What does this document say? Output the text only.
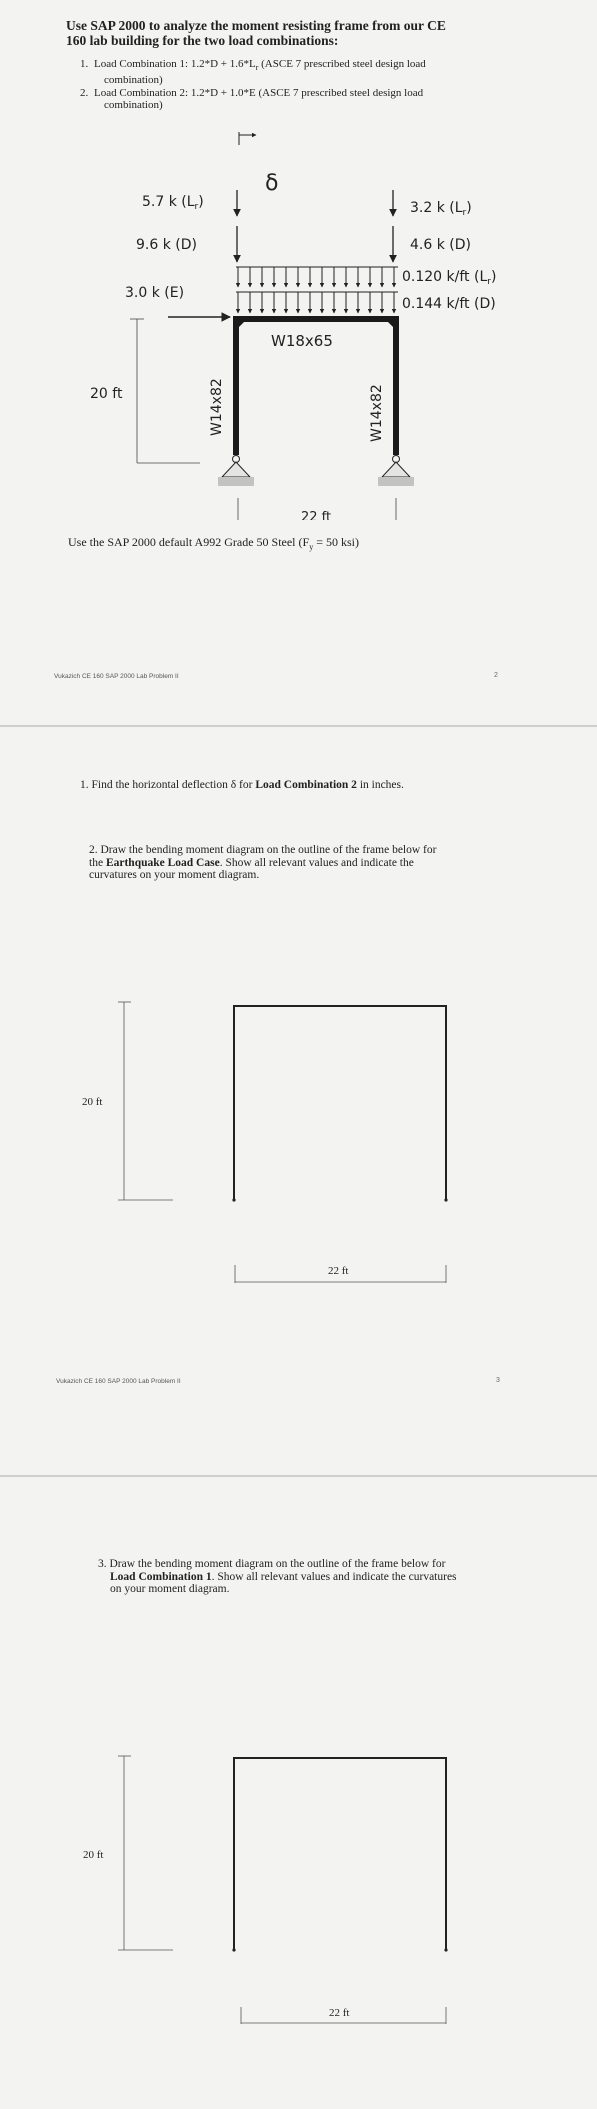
Use SAP 2000 to analyze the moment resisting frame from our CE
160 lab building for the two load combinations:
1. Load Combination 1: $1.2*D + 1.6*L_r$ (ASCE 7 prescribed steel design load
combination)
2. Load Combination 2: 1.2*D + 1.0*E (ASCE 7 prescribed steel design load
combination)
δ
5.7 k $(L_r)$
9.6 k (D)
3.0 k (E)
3.2 k $(L_r)$
4.6 k (D)
0.120 k/ft $(L_r)$
0.144 k/ft (D)
W18x65
W14x82	W14x82
20 ft
22 ft
Use the SAP 2000 default A992 Grade 50 Steel ($F_y = 50$ ksi)
Vukazich CE 160 SAP 2000 Lab Problem II	2
1. Find the horizontal deflection δ for Load Combination 2 in inches.
2. Draw the bending moment diagram on the outline of the frame below for
the Earthquake Load Case. Show all relevant values and indicate the
curvatures on your moment diagram.
20 ft
22 ft
Vukazich CE 160 SAP 2000 Lab Problem II	3
3. Draw the bending moment diagram on the outline of the frame below for
Load Combination 1. Show all relevant values and indicate the curvatures
on your moment diagram.
20 ft
22 ft
